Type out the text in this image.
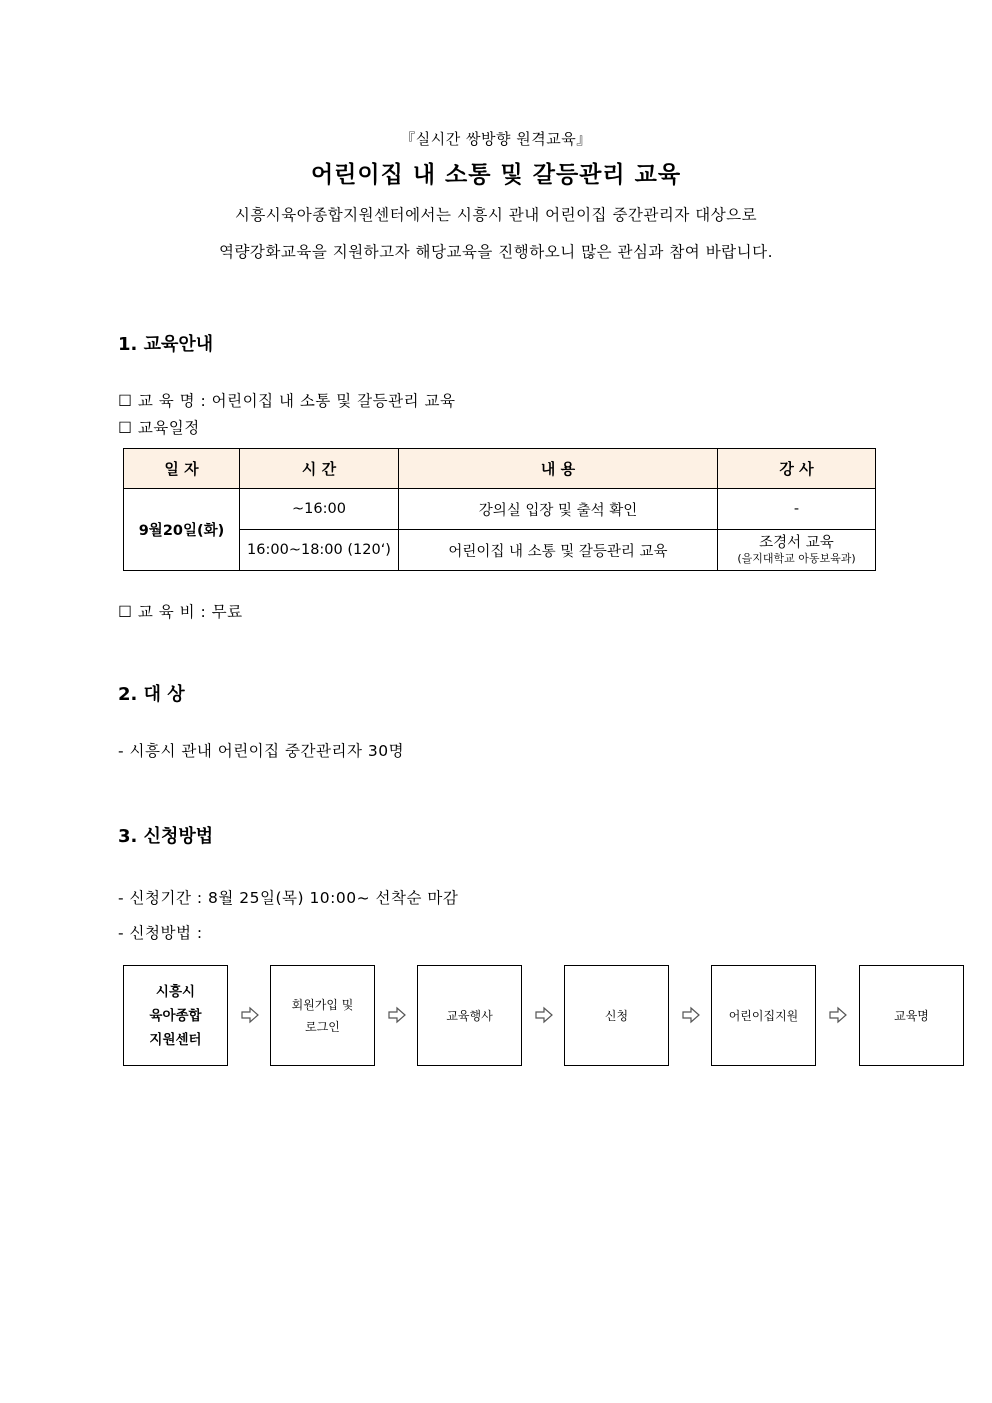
『실시간 쌍방향 원격교육』
어린이집 내 소통 및 갈등관리 교육
시흥시육아종합지원센터에서는 시흥시 관내 어린이집 중간관리자 대상으로
역량강화교육을 지원하고자 해당교육을 진행하오니 많은 관심과 참여 바랍니다.
1. 교육안내
☐ 교 육 명 : 어린이집 내 소통 및 갈등관리 교육
☐ 교육일정
일 자	시 간	내 용	강 사
9월20일(화)	~16:00	강의실 입장 및 출석 확인	-
	16:00~18:00 (120‘)	어린이집 내 소통 및 갈등관리 교육	조경서 교육
(을지대학교 아동보육과)
☐ 교 육 비 : 무료
2. 대 상
- 시흥시 관내 어린이집 중간관리자 30명
3. 신청방법
- 신청기간 : 8월 25일(목) 10:00~ 선착순 마감
- 신청방법 :
시흥시
육아종합
지원센터
회원가입 및
로그인
교육행사	신청	어린이집지원	교육명
